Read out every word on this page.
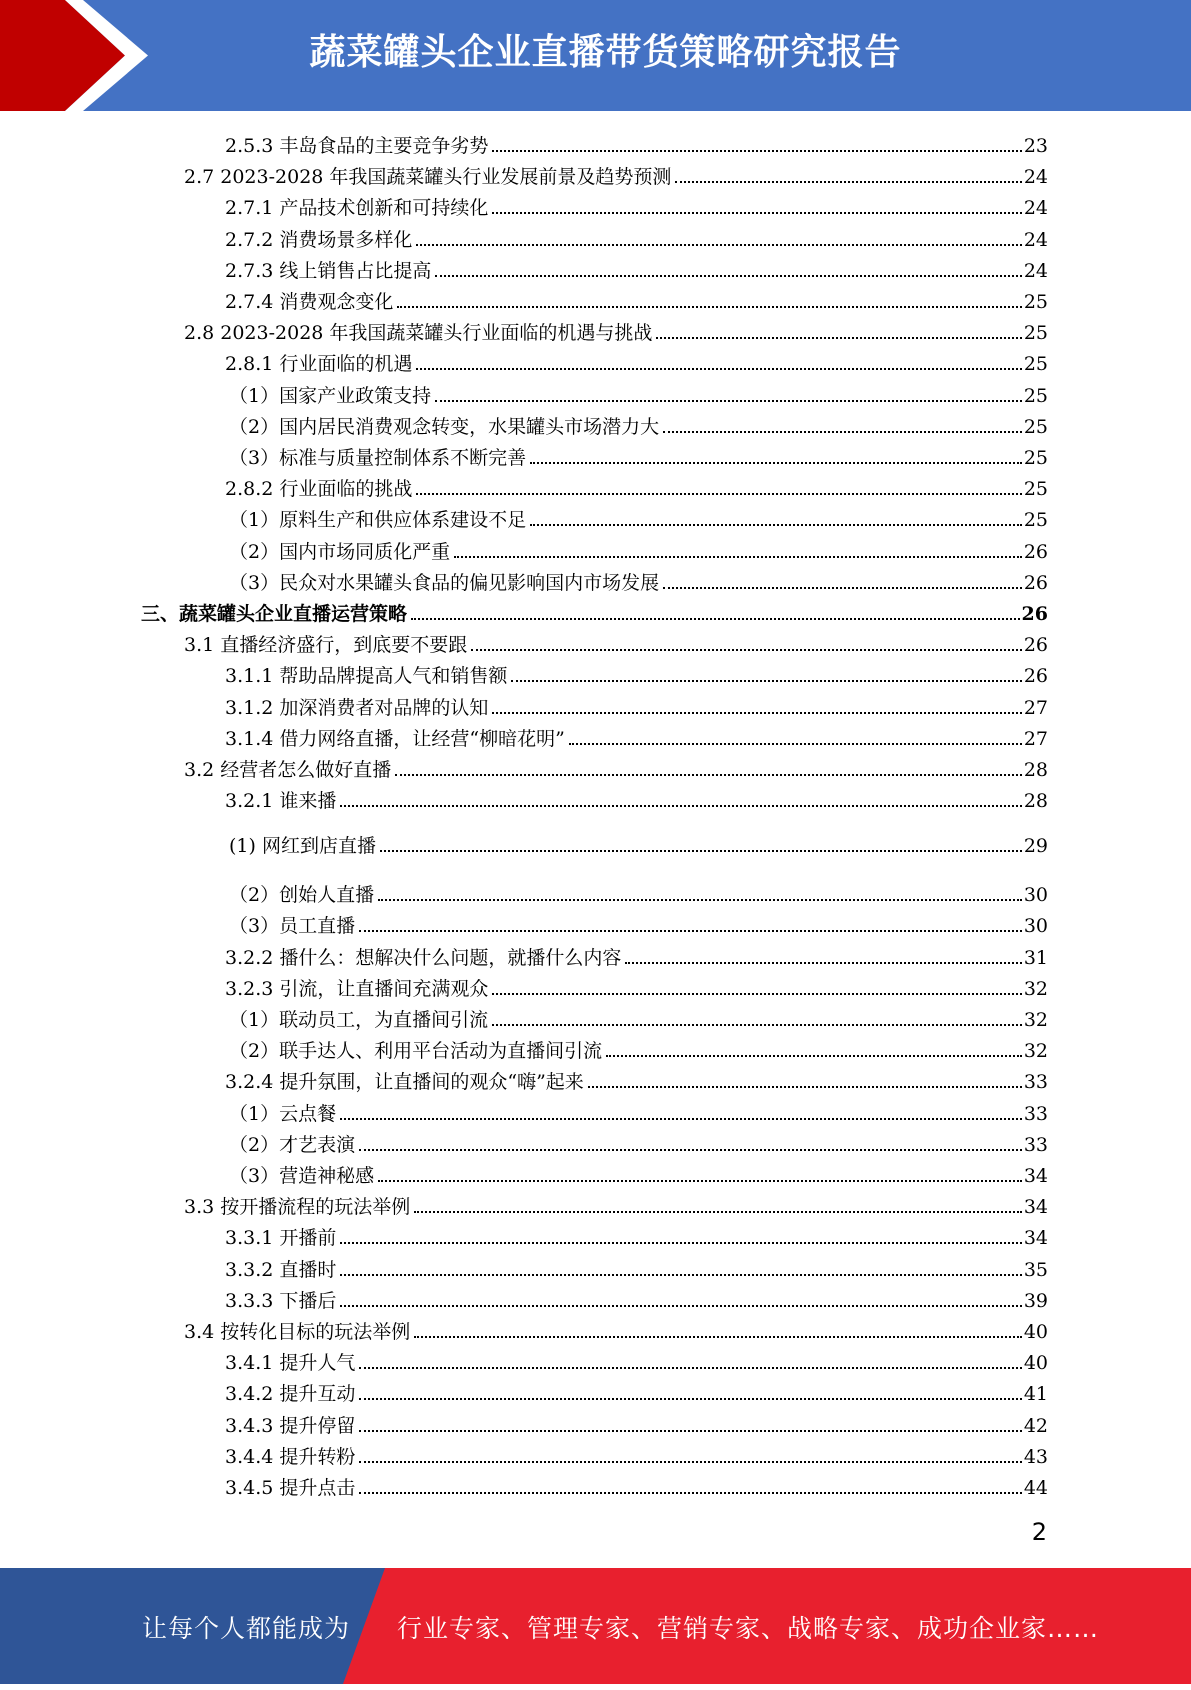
蔬菜罐头企业直播带货策略研究报告
2.5.3 丰岛食品的主要竞争劣势	23
2.7 2023-2028 年我国蔬菜罐头行业发展前景及趋势预测	24
2.7.1 产品技术创新和可持续化	24
2.7.2 消费场景多样化	24
2.7.3 线上销售占比提高	24
2.7.4 消费观念变化	25
2.8 2023-2028 年我国蔬菜罐头行业面临的机遇与挑战	25
2.8.1 行业面临的机遇	25
（1）国家产业政策支持	25
（2）国内居民消费观念转变，水果罐头市场潜力大	25
（3）标准与质量控制体系不断完善	25
2.8.2 行业面临的挑战	25
（1）原料生产和供应体系建设不足	25
（2）国内市场同质化严重	26
（3）民众对水果罐头食品的偏见影响国内市场发展	26
三、蔬菜罐头企业直播运营策略	26
3.1 直播经济盛行，到底要不要跟	26
3.1.1 帮助品牌提高人气和销售额	26
3.1.2 加深消费者对品牌的认知	27
3.1.4 借力网络直播，让经营“柳暗花明”	27
3.2 经营者怎么做好直播	28
3.2.1 谁来播	28
(1) 网红到店直播	29
（2）创始人直播	30
（3）员工直播	30
3.2.2 播什么：想解决什么问题，就播什么内容	31
3.2.3 引流，让直播间充满观众	32
（1）联动员工，为直播间引流	32
（2）联手达人、利用平台活动为直播间引流	32
3.2.4 提升氛围，让直播间的观众“嗨”起来	33
（1）云点餐	33
（2）才艺表演	33
（3）营造神秘感	34
3.3 按开播流程的玩法举例	34
3.3.1 开播前	34
3.3.2 直播时	35
3.3.3 下播后	39
3.4 按转化目标的玩法举例	40
3.4.1 提升人气	40
3.4.2 提升互动	41
3.4.3 提升停留	42
3.4.4 提升转粉	43
3.4.5 提升点击	44
2
让每个人都能成为 行业专家、管理专家、营销专家、战略专家、成功企业家……
